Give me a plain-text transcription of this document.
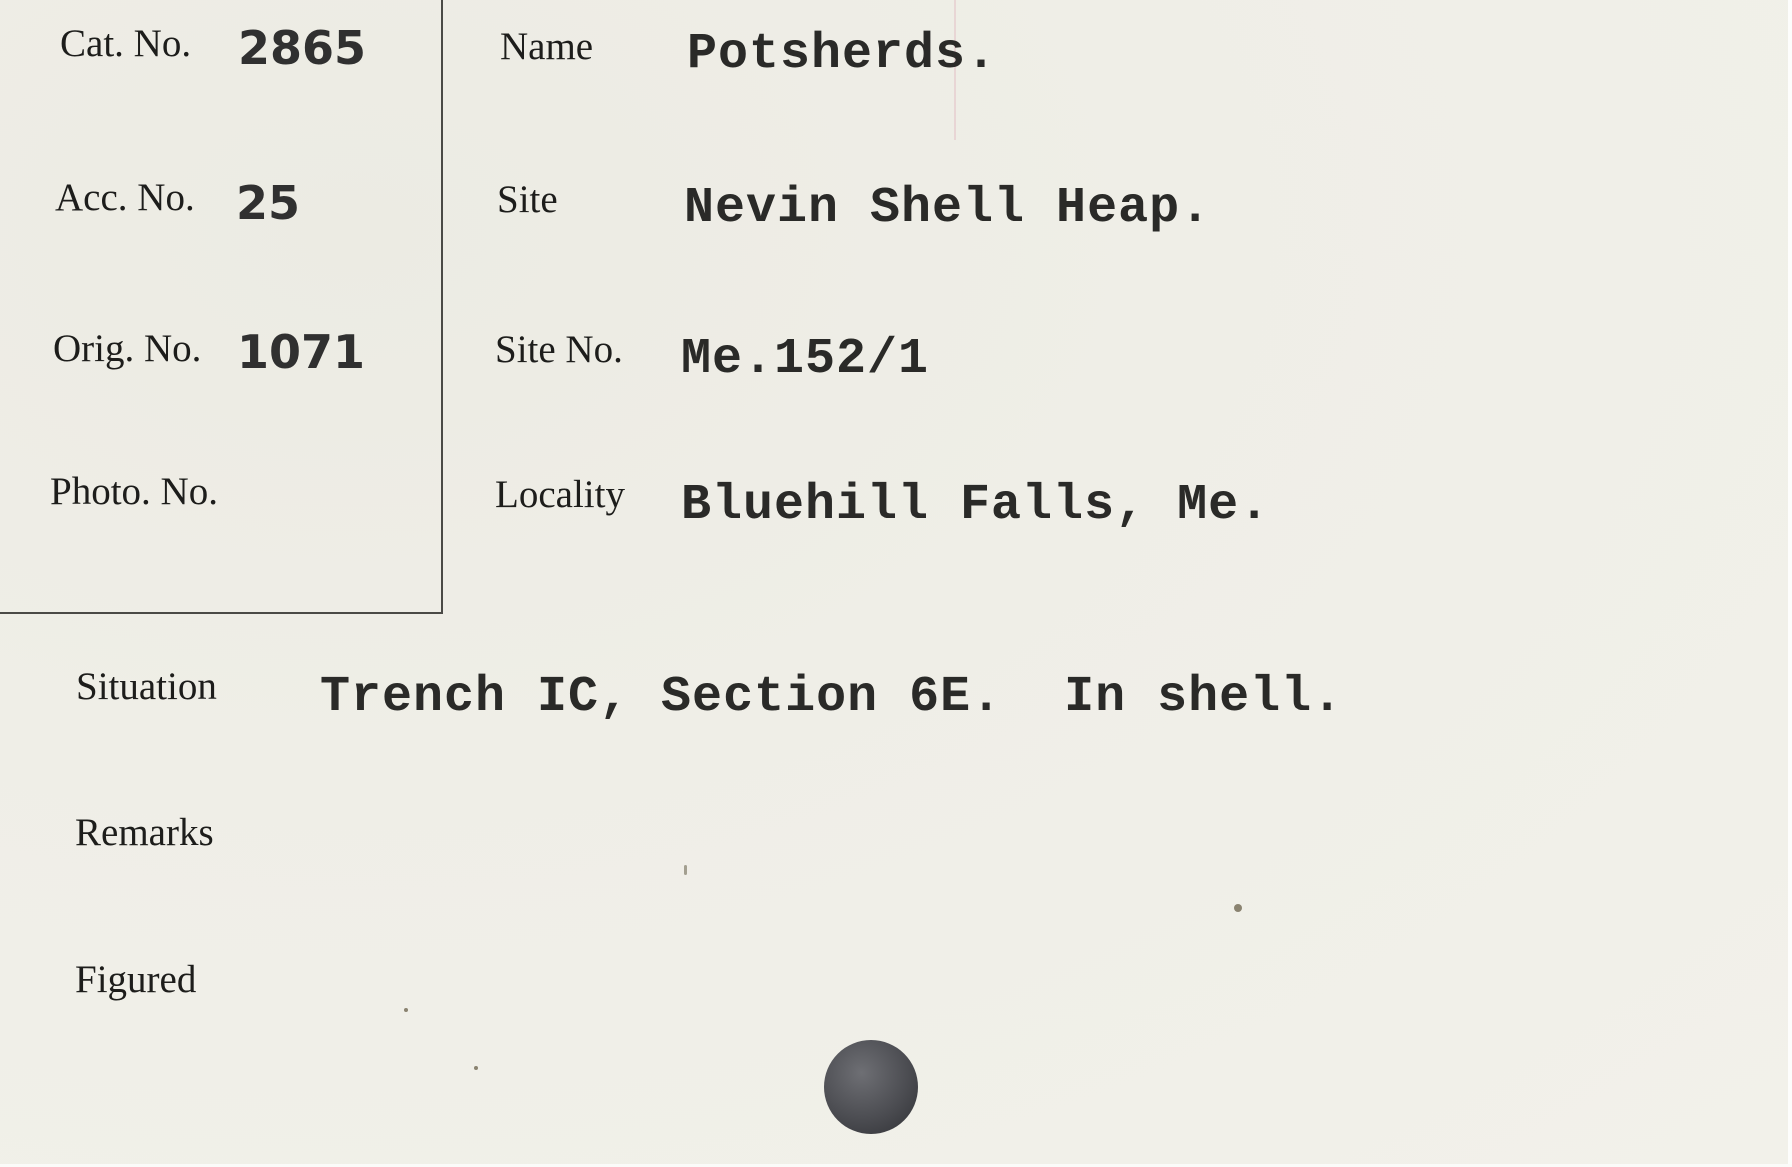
Cat. No. 2865
Acc. No. 25
Orig. No. 1071
Photo. No.
Name Potsherds.
Site	Nevin Shell Heap.
Site No. Me.152/1
Locality Bluehill Falls, Me.
Situation Trench IC, Section 6E.  In shell.
Remarks
Figured
